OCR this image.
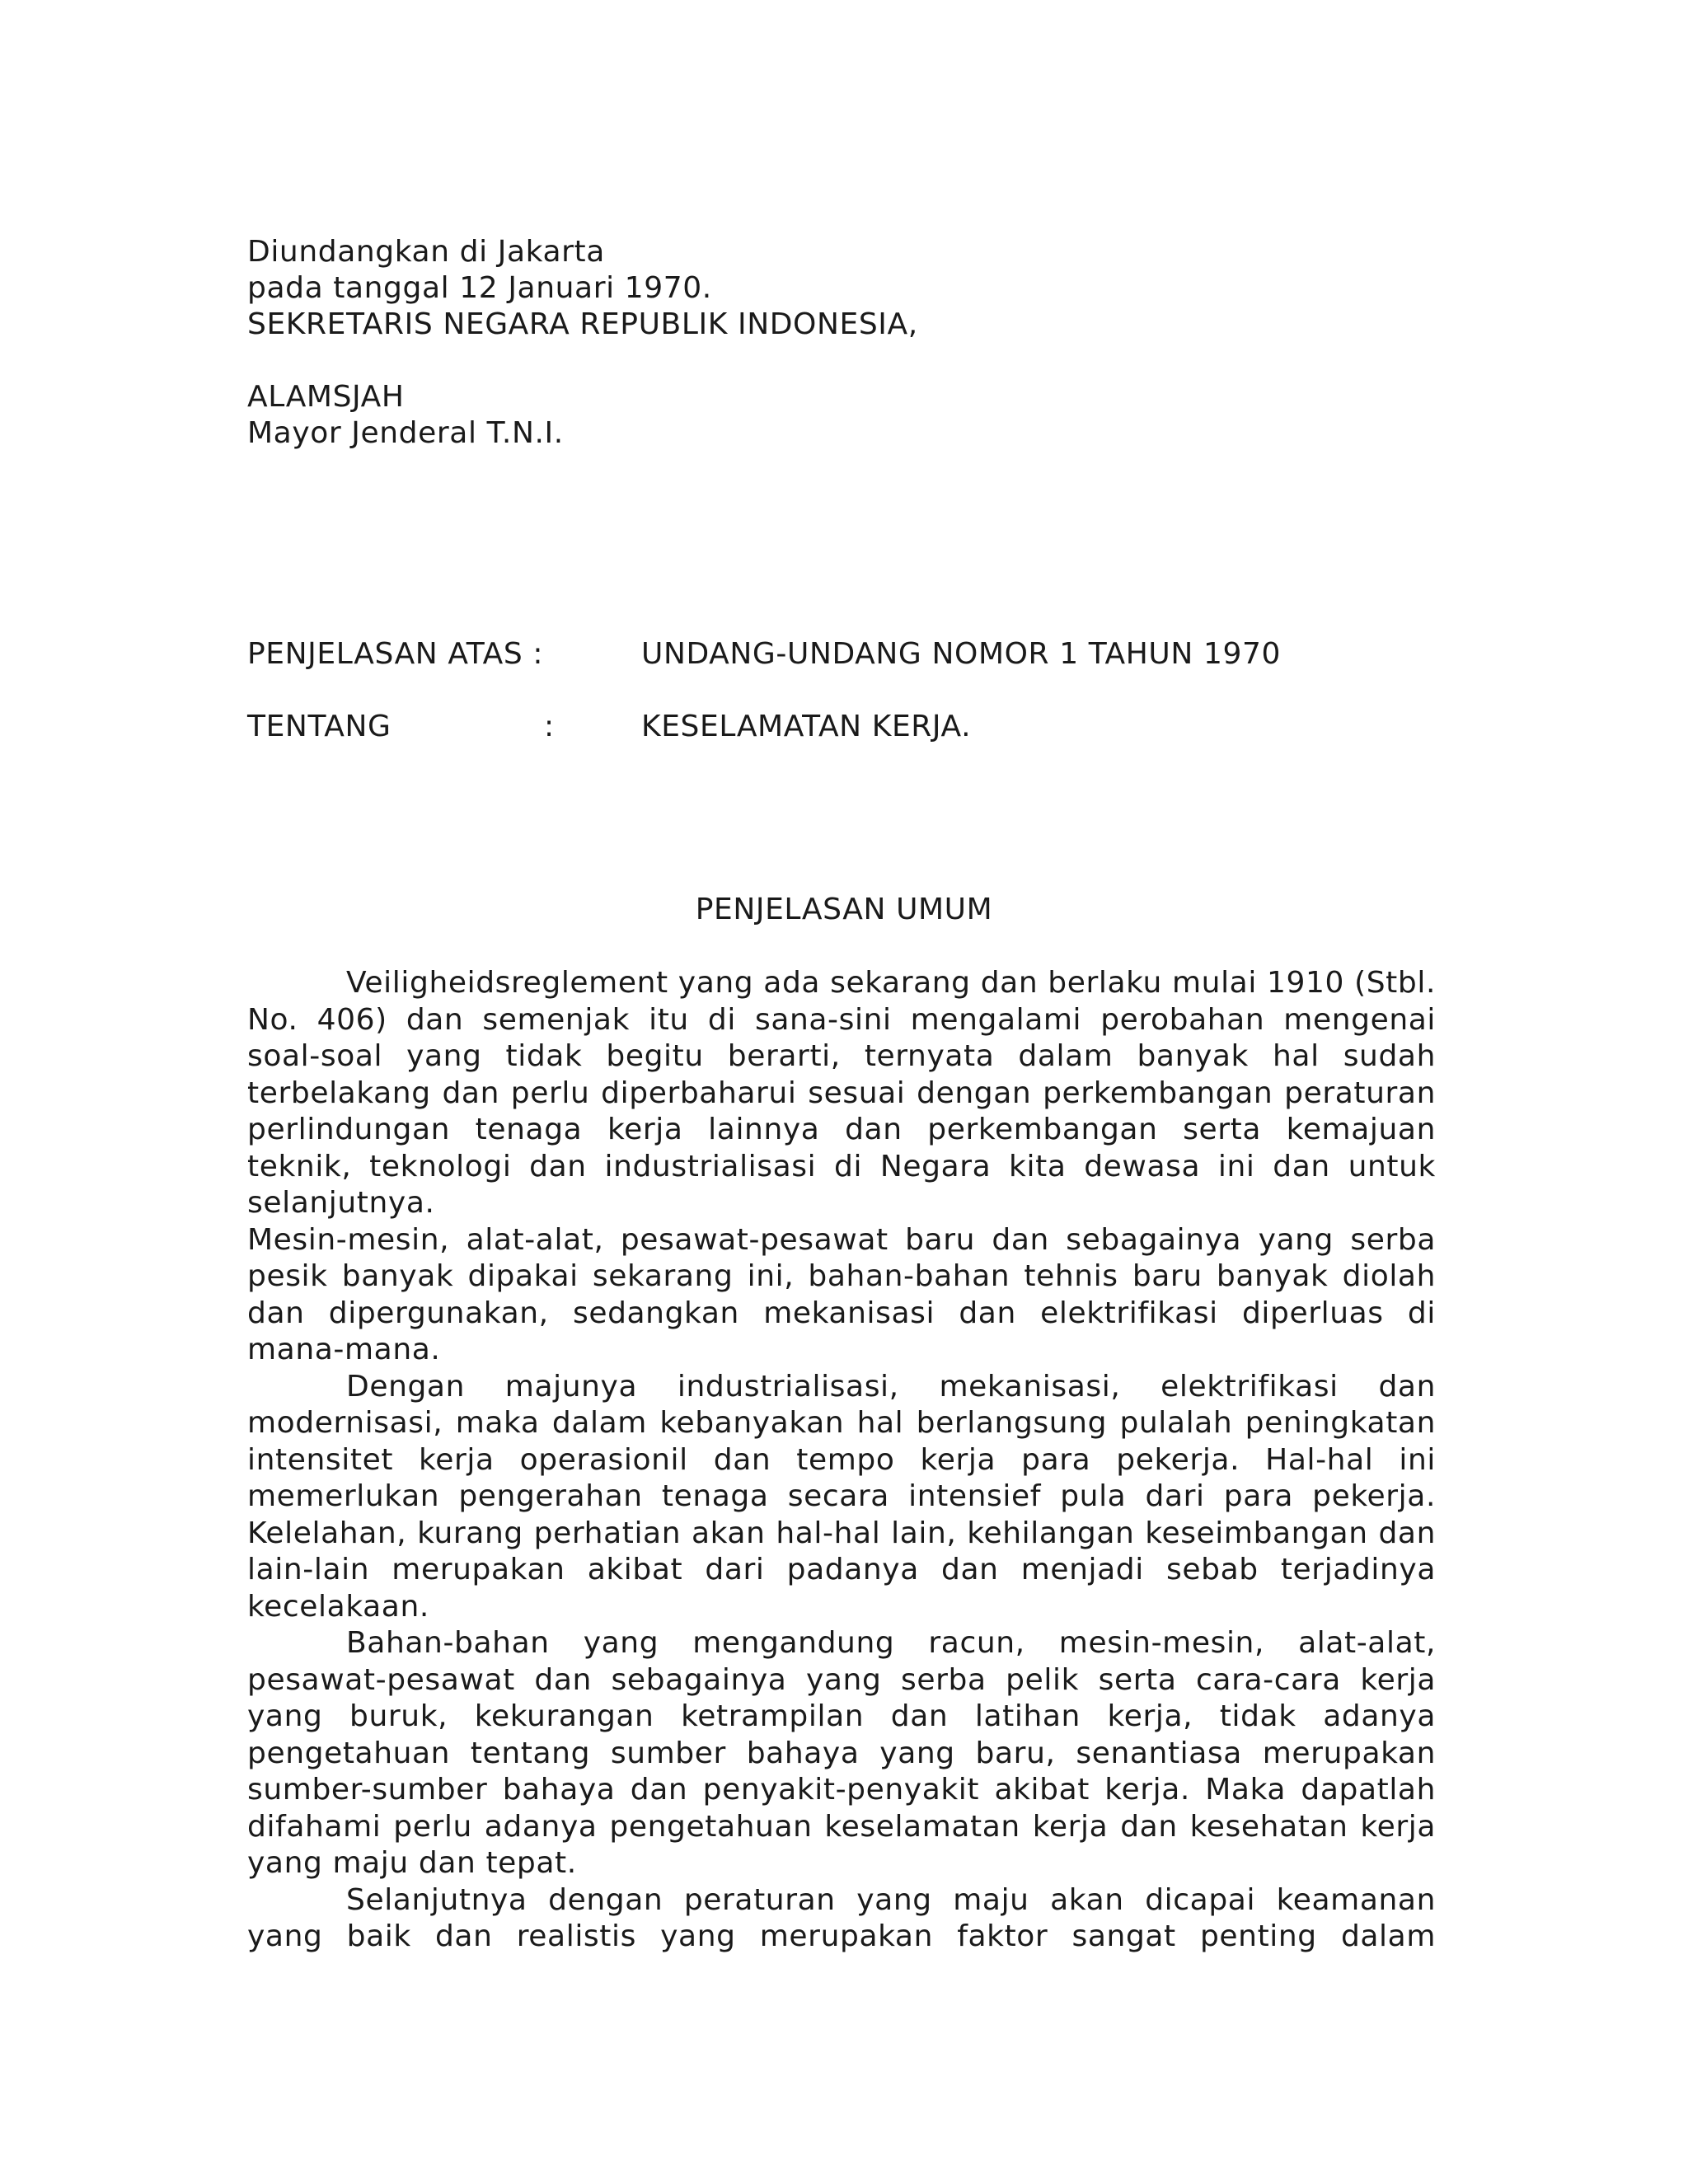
Diundangkan di Jakarta
pada tanggal 12 Januari 1970.
SEKRETARIS NEGARA REPUBLIK INDONESIA,
ALAMSJAH
Mayor Jenderal T.N.I.
PENJELASAN ATAS :	UNDANG-UNDANG NOMOR 1 TAHUN 1970
TENTANG	:	KESELAMATAN KERJA.
PENJELASAN UMUM

Veiligheidsreglement yang ada sekarang dan berlaku mulai 1910 (Stbl. No. 406) dan semenjak itu di sana-sini mengalami perobahan mengenai soal-soal yang tidak begitu berarti, ternyata dalam banyak hal sudah terbelakang dan perlu diperbaharui sesuai dengan perkembangan peraturan perlindungan tenaga kerja lainnya dan perkembangan serta kemajuan teknik, teknologi dan industrialisasi di Negara kita dewasa ini dan untuk selanjutnya.

Mesin-mesin, alat-alat, pesawat-pesawat baru dan sebagainya yang serba pesik banyak dipakai sekarang ini, bahan-bahan tehnis baru banyak diolah dan dipergunakan, sedangkan mekanisasi dan elektrifikasi diperluas di mana-mana.

Dengan majunya industrialisasi, mekanisasi, elektrifikasi dan modernisasi, maka dalam kebanyakan hal berlangsung pulalah peningkatan intensitet kerja operasionil dan tempo kerja para pekerja. Hal-hal ini memerlukan pengerahan tenaga secara intensief pula dari para pekerja. Kelelahan, kurang perhatian akan hal-hal lain, kehilangan keseimbangan dan lain-lain merupakan akibat dari padanya dan menjadi sebab terjadinya kecelakaan.

Bahan-bahan yang mengandung racun, mesin-mesin, alat-alat, pesawat-pesawat dan sebagainya yang serba pelik serta cara-cara kerja yang buruk, kekurangan ketrampilan dan latihan kerja, tidak adanya pengetahuan tentang sumber bahaya yang baru, senantiasa merupakan sumber-sumber bahaya dan penyakit-penyakit akibat kerja. Maka dapatlah difahami perlu adanya pengetahuan keselamatan kerja dan kesehatan kerja yang maju dan tepat.

Selanjutnya dengan peraturan yang maju akan dicapai keamanan yang baik dan realistis yang merupakan faktor sangat penting dalam
